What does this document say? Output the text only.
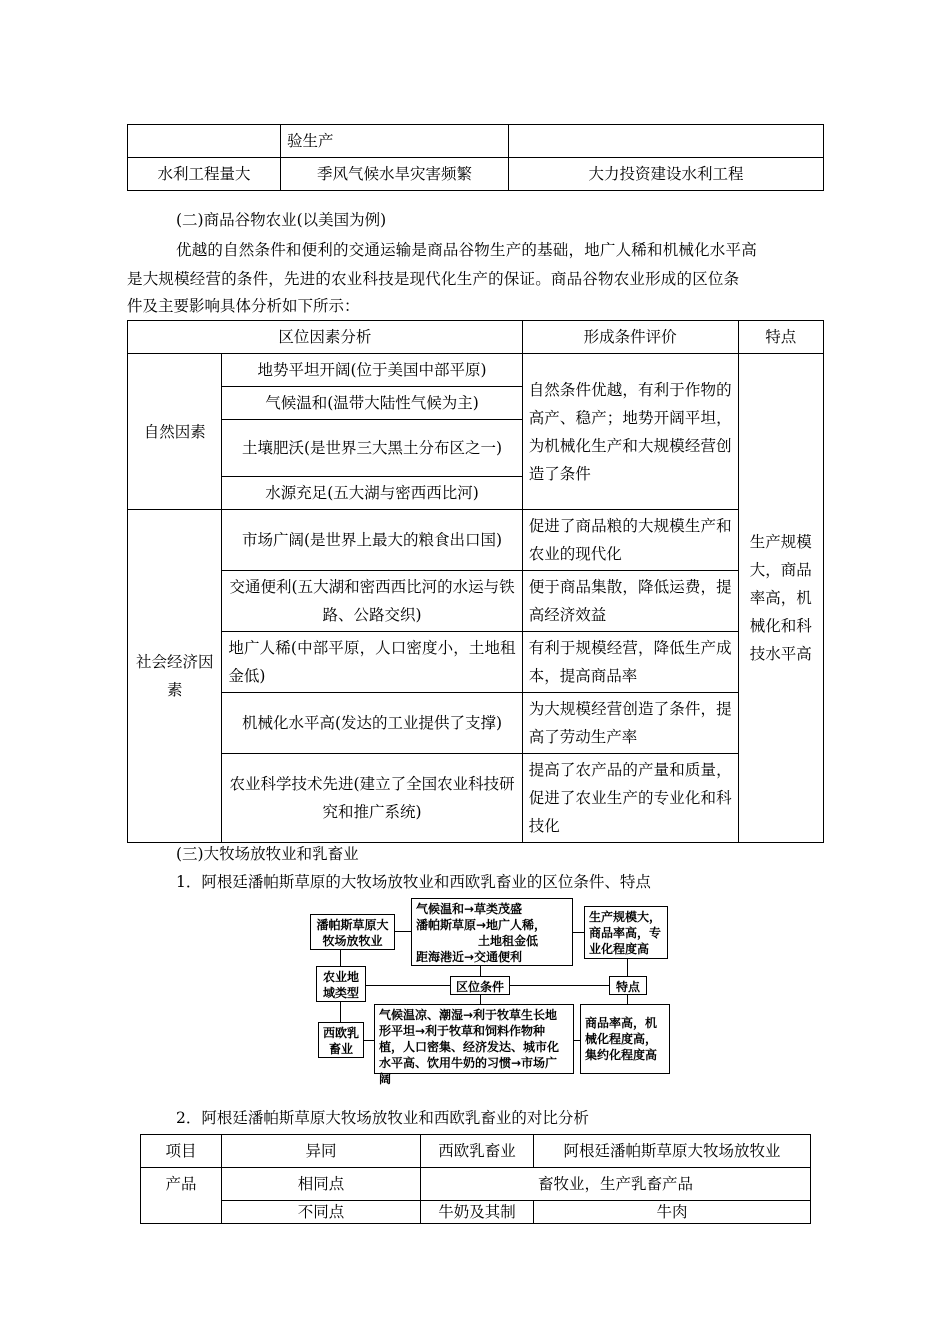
	验生产	
水利工程量大	季风气候水旱灾害频繁	大力投资建设水利工程

(二)商品谷物农业(以美国为例)

优越的自然条件和便利的交通运输是商品谷物生产的基础，地广人稀和机械化水平高

是大规模经营的条件，先进的农业科技是现代化生产的保证。商品谷物农业形成的区位条

件及主要影响具体分析如下所示：

区位因素分析		形成条件评价	特点
自然因素	地势平坦开阔(位于美国中部平原)	自然条件优越，有利于作物的高产、稳产；地势开阔平坦，为机械化生产和大规模经营创造了条件	生产规模大，商品率高，机械化和科技水平高
	气候温和(温带大陆性气候为主)		
	土壤肥沃(是世界三大黑土分布区之一)		
	水源充足(五大湖与密西西比河)		
社会经济因素	市场广阔(是世界上最大的粮食出口国)	促进了商品粮的大规模生产和农业的现代化	
	交通便利(五大湖和密西西比河的水运与铁路、公路交织)	便于商品集散，降低运费，提高经济效益	
	地广人稀(中部平原，人口密度小，土地租金低)	有利于规模经营，降低生产成本，提高商品率	
	机械化水平高(发达的工业提供了支撑)	为大规模经营创造了条件，提高了劳动生产率	
	农业科学技术先进(建立了全国农业科技研究和推广系统)	提高了农产品的产量和质量，促进了农业生产的专业化和科技化	

(三)大牧场放牧业和乳畜业

1．阿根廷潘帕斯草原的大牧场放牧业和西欧乳畜业的区位条件、特点

潘帕斯草原大牧场放牧业
气候温和→草类茂盛
潘帕斯草原→地广人稀，
土地租金低
距海港近→交通便利
生产规模大，商品率高，专业化程度高
农业地域类型	区位条件	特点
西欧乳畜业
气候温凉、潮湿→利于牧草生长地形平坦→利于牧草和饲料作物种植，人口密集、经济发达、城市化水平高、饮用牛奶的习惯→市场广阔
商品率高，机械化程度高，集约化程度高

2．阿根廷潘帕斯草原大牧场放牧业和西欧乳畜业的对比分析

项目	异同	西欧乳畜业	阿根廷潘帕斯草原大牧场放牧业
产品	相同点	畜牧业，生产乳畜产品	
	不同点	牛奶及其制	牛肉
